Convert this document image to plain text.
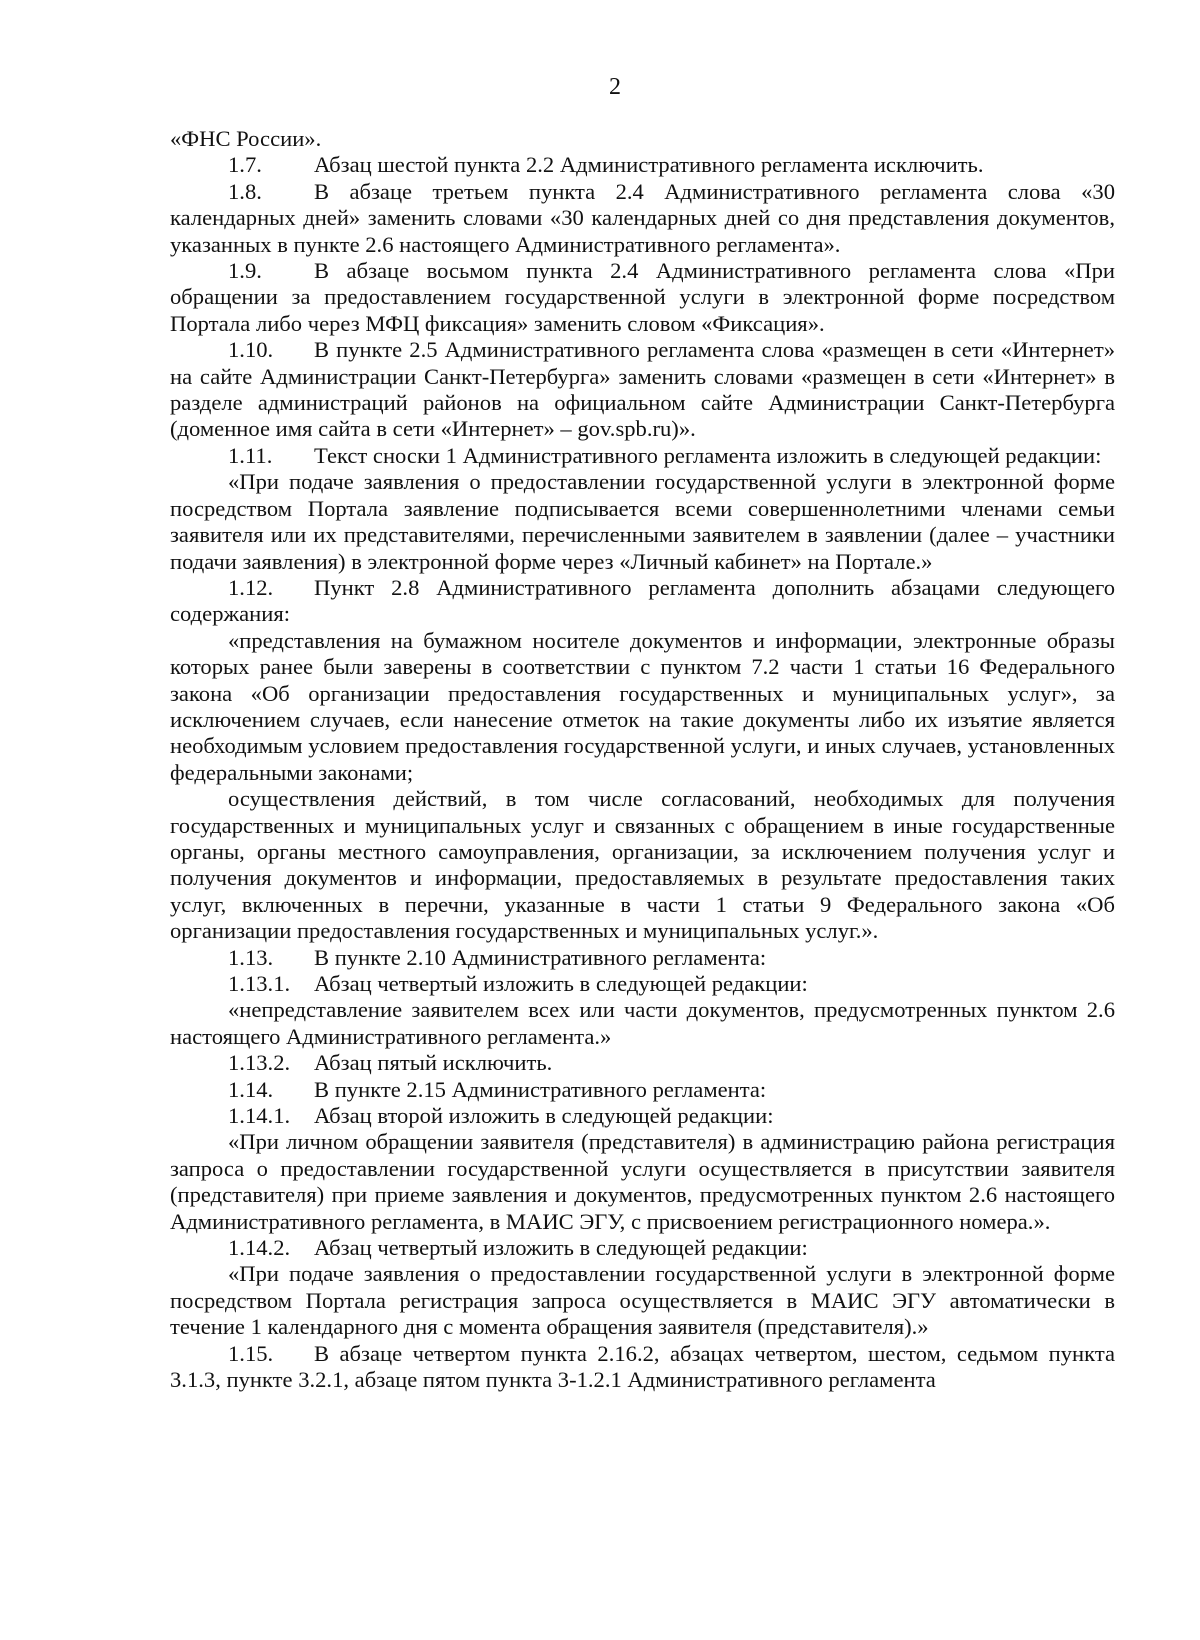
2

«ФНС России».

1.7. Абзац шестой пункта 2.2 Административного регламента исключить.

1.8. В абзаце третьем пункта 2.4 Административного регламента слова «30 календарных дней» заменить словами «30 календарных дней со дня представления документов, указанных в пункте 2.6 настоящего Административного регламента».

1.9. В абзаце восьмом пункта 2.4 Административного регламента слова «При обращении за предоставлением государственной услуги в электронной форме посредством Портала либо через МФЦ фиксация» заменить словом «Фиксация».

1.10. В пункте 2.5 Административного регламента слова «размещен в сети «Интернет» на сайте Администрации Санкт-Петербурга» заменить словами «размещен в сети «Интернет» в разделе администраций районов на официальном сайте Администрации Санкт-Петербурга (доменное имя сайта в сети «Интернет» – gov.spb.ru)».

1.11. Текст сноски 1 Административного регламента изложить в следующей редакции:

«При подаче заявления о предоставлении государственной услуги в электронной форме посредством Портала заявление подписывается всеми совершеннолетними членами семьи заявителя или их представителями, перечисленными заявителем в заявлении (далее – участники подачи заявления) в электронной форме через «Личный кабинет» на Портале.»

1.12. Пункт 2.8 Административного регламента дополнить абзацами следующего содержания:

«представления на бумажном носителе документов и информации, электронные образы которых ранее были заверены в соответствии с пунктом 7.2 части 1 статьи 16 Федерального закона «Об организации предоставления государственных и муниципальных услуг», за исключением случаев, если нанесение отметок на такие документы либо их изъятие является необходимым условием предоставления государственной услуги, и иных случаев, установленных федеральными законами;

осуществления действий, в том числе согласований, необходимых для получения государственных и муниципальных услуг и связанных с обращением в иные государственные органы, органы местного самоуправления, организации, за исключением получения услуг и получения документов и информации, предоставляемых в результате предоставления таких услуг, включенных в перечни, указанные в части 1 статьи 9 Федерального закона «Об организации предоставления государственных и муниципальных услуг.».

1.13. В пункте 2.10 Административного регламента:

1.13.1. Абзац четвертый изложить в следующей редакции:

«непредставление заявителем всех или части документов, предусмотренных пунктом 2.6 настоящего Административного регламента.»

1.13.2. Абзац пятый исключить.

1.14. В пункте 2.15 Административного регламента:

1.14.1. Абзац второй изложить в следующей редакции:

«При личном обращении заявителя (представителя) в администрацию района регистрация запроса о предоставлении государственной услуги осуществляется в присутствии заявителя (представителя) при приеме заявления и документов, предусмотренных пунктом 2.6 настоящего Административного регламента, в МАИС ЭГУ, с присвоением регистрационного номера.».

1.14.2. Абзац четвертый изложить в следующей редакции:

«При подаче заявления о предоставлении государственной услуги в электронной форме посредством Портала регистрация запроса осуществляется в МАИС ЭГУ автоматически в течение 1 календарного дня с момента обращения заявителя (представителя).»

1.15. В абзаце четвертом пункта 2.16.2, абзацах четвертом, шестом, седьмом пункта 3.1.3, пункте 3.2.1, абзаце пятом пункта 3-1.2.1 Административного регламента
